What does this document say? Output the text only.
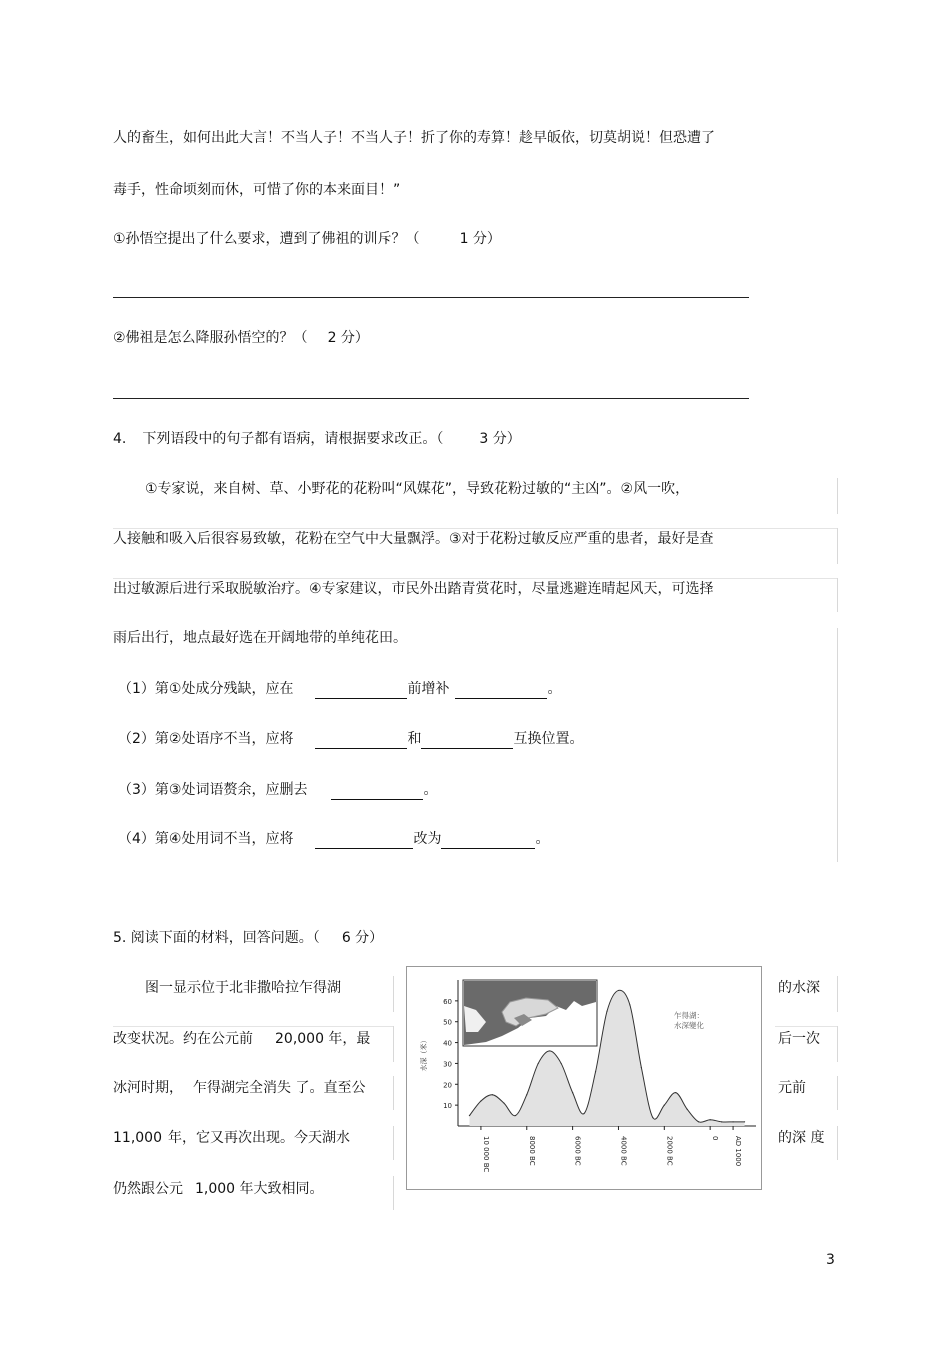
人的畜生，如何出此大言！不当人子！不当人子！折了你的寿算！趁早皈依，切莫胡说！但恐遭了
毒手，性命顷刻而休，可惜了你的本来面目！”
①孙悟空提出了什么要求，遭到了佛祖的训斥？（	1 分）
②佛祖是怎么降服孙悟空的？（ 2 分）
4. 下列语段中的句子都有语病，请根据要求改正。（	3 分）
①专家说，来自树、草、小野花的花粉叫“风媒花”，导致花粉过敏的“主凶”。②风一吹，
人接触和吸入后很容易致敏，花粉在空气中大量飘浮。③对于花粉过敏反应严重的患者，最好是查
出过敏源后进行采取脱敏治疗。④专家建议，市民外出踏青赏花时，尽量逃避连晴起风天，可选择
雨后出行，地点最好选在开阔地带的单纯花田。
（1）第①处成分残缺，应在	前增补	。
（2）第②处语序不当，应将	和	互换位置。
（3）第③处词语赘余，应删去	。
（4）第④处用词不当，应将	改为	。
5. 阅读下面的材料，回答问题。（ 6 分）
图一显示位于北非撒哈拉乍得湖
改变状况。约在公元前 20,000 年，最
冰河时期， 乍得湖完全消失 了。直至公
11,000 年，它又再次出现。今天湖水
仍然跟公元 1,000 年大致相同。
的水深
后一次
元前
的深 度
60
50
40
30
20
10
水深（米）
10 000 BC	8000 BC	6000 BC	4000 BC	2000 BC	0 AD 1000
乍得湖：
水深變化
3
